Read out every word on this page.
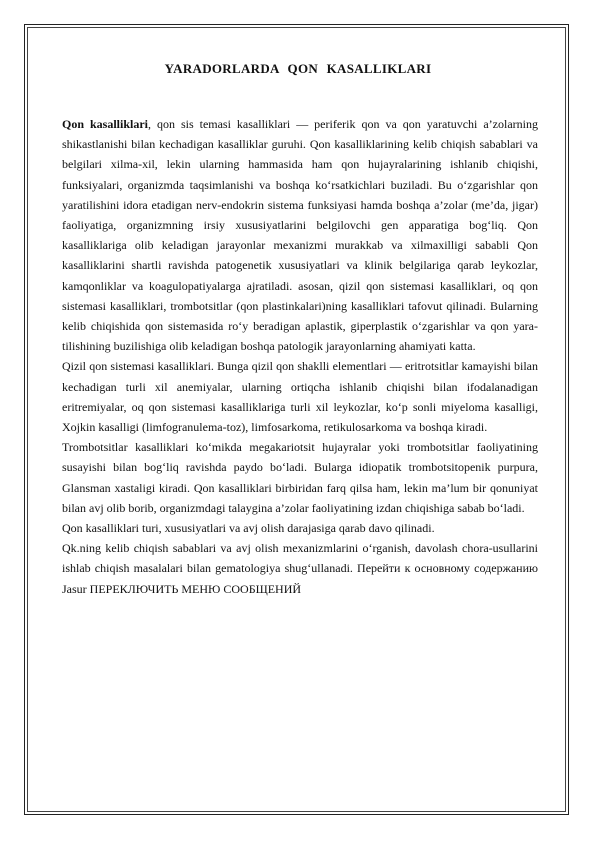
YARADORLARDA QON KASALLIKLARI

Qon kasalliklari, qon sis temasi kasalliklari — periferik qon va qon yaratuvchi a’zolarning shikastlanishi bilan kechadigan kasalliklar guruhi. Qon kasalliklarining kelib chiqish sabablari va belgilari xilma-xil, lekin ularning hammasida ham qon hujayralarining ishlanib chiqishi, funksiyalari, organizmda taqsimlanishi va boshqa ko‘rsatkichlari buziladi. Bu o‘zgarishlar qon yaratilishini idora etadigan nerv-endokrin sistema funksiyasi hamda boshqa a’zolar (me’da, jigar) faoliyatiga, organizmning irsiy xususiyatlarini belgilovchi gen apparatiga bog‘liq. Qon kasalliklariga olib keladigan jarayonlar mexanizmi murakkab va xilmaxilligi sababli Qon kasalliklarini shartli ravishda patogenetik xususiyatlari va klinik belgilariga qarab leykozlar, kamqonliklar va koagulopatiyalarga ajratiladi. asosan, qizil qon sistemasi kasalliklari, oq qon sistemasi kasalliklari, trombotsitlar (qon plastinkalari)ning kasalliklari tafovut qilinadi. Bularning kelib chiqishida qon sistemasida ro‘y beradigan aplastik, giperplastik o‘zgarishlar va qon yara-tilishining buzilishiga olib keladigan boshqa patologik jarayonlarning ahamiyati katta.

Qizil qon sistemasi kasalliklari. Bunga qizil qon shaklli elementlari — eritrotsitlar kamayishi bilan kechadigan turli xil anemiyalar, ularning ortiqcha ishlanib chiqishi bilan ifodalanadigan eritremiyalar, oq qon sistemasi kasalliklariga turli xil leykozlar, ko‘p sonli miyeloma kasalligi, Xojkin kasalligi (limfogranulema-toz), limfosarkoma, retikulosarkoma va boshqa kiradi.

Trombotsitlar kasalliklari ko‘mikda megakariotsit hujayralar yoki trombotsitlar faoliyatining susayishi bilan bog‘liq ravishda paydo bo‘ladi. Bularga idiopatik trombotsitopenik purpura, Glansman xastaligi kiradi. Qon kasalliklari birbiridan farq qilsa ham, lekin ma’lum bir qonuniyat bilan avj olib borib, organizmdagi talaygina a’zolar faoliyatining izdan chiqishiga sabab bo‘ladi.

Qon kasalliklari turi, xususiyatlari va avj olish darajasiga qarab davo qilinadi.

Qk.ning kelib chiqish sabablari va avj olish mexanizmlarini o‘rganish, davolash chora-usullarini ishlab chiqish masalalari bilan gematologiya shug‘ullanadi. Перейти к основному содержанию Jasur ПЕРЕКЛЮЧИТЬ МЕНЮ СООБЩЕНИЙ
